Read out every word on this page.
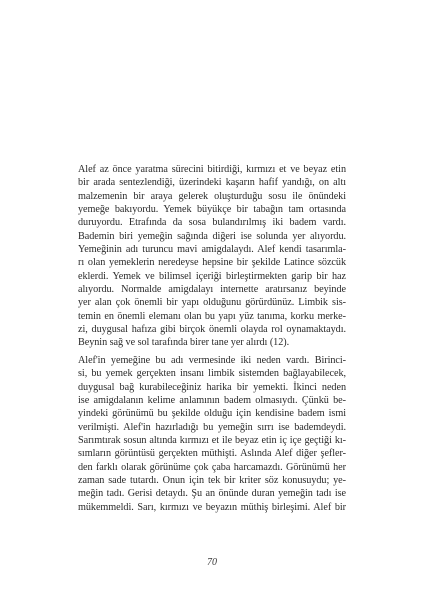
Alef az önce yaratma sürecini bitirdiği, kırmızı et ve beyaz etin
bir arada sentezlendiği, üzerindeki kaşarın hafif yandığı, on altı
malzemenin bir araya gelerek oluşturduğu sosu ile önündeki
yemeğe bakıyordu. Yemek büyükçe bir tabağın tam ortasında
duruyordu. Etrafında da sosa bulandırılmış iki badem vardı.
Bademin biri yemeğin sağında diğeri ise solunda yer alıyordu.
Yemeğinin adı turuncu mavi amigdalaydı. Alef kendi tasarımla-
rı olan yemeklerin neredeyse hepsine bir şekilde Latince sözcük
eklerdi. Yemek ve bilimsel içeriği birleştirmekten garip bir haz
alıyordu. Normalde amigdalayı internette aratırsanız beyinde
yer alan çok önemli bir yapı olduğunu görürdünüz. Limbik sis-
temin en önemli elemanı olan bu yapı yüz tanıma, korku merke-
zi, duygusal hafıza gibi birçok önemli olayda rol oynamaktaydı.
Beynin sağ ve sol tarafında birer tane yer alırdı (12).

Alef'in yemeğine bu adı vermesinde iki neden vardı. Birinci-
si, bu yemek gerçekten insanı limbik sistemden bağlayabilecek,
duygusal bağ kurabileceğiniz harika bir yemekti. İkinci neden
ise amigdalanın kelime anlamının badem olmasıydı. Çünkü be-
yindeki görünümü bu şekilde olduğu için kendisine badem ismi
verilmişti. Alef'in hazırladığı bu yemeğin sırrı ise bademdeydi.
Sarımtırak sosun altında kırmızı et ile beyaz etin iç içe geçtiği kı-
sımların görüntüsü gerçekten müthişti. Aslında Alef diğer şefler-
den farklı olarak görünüme çok çaba harcamazdı. Görünümü her
zaman sade tutardı. Onun için tek bir kriter söz konusuydu; ye-
meğin tadı. Gerisi detaydı. Şu an önünde duran yemeğin tadı ise
mükemmeldi. Sarı, kırmızı ve beyazın müthiş birleşimi. Alef bir

70
